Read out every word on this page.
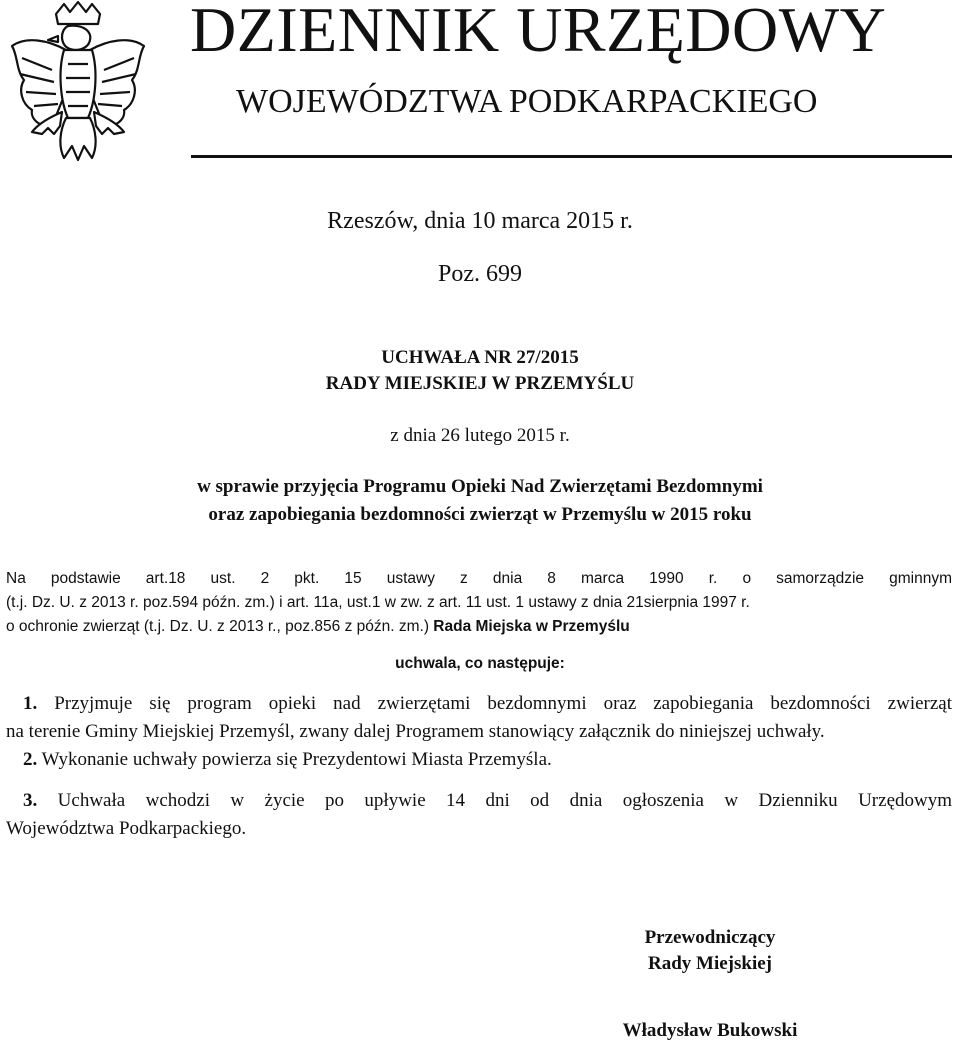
DZIENNIK URZĘDOWY
WOJEWÓDZTWA PODKARPACKIEGO
Rzeszów, dnia 10 marca 2015 r.
Poz. 699
UCHWAŁA NR 27/2015
RADY MIEJSKIEJ W PRZEMYŚLU
z dnia 26 lutego 2015 r.
w sprawie przyjęcia Programu Opieki Nad Zwierzętami Bezdomnymi
oraz zapobiegania bezdomności zwierząt w Przemyślu w 2015 roku
Na podstawie art.18 ust. 2 pkt. 15 ustawy z dnia 8 marca 1990 r. o samorządzie gminnym
(t.j. Dz. U. z 2013 r. poz.594 późn. zm.) i art. 11a, ust.1 w zw. z art. 11 ust. 1 ustawy z dnia 21sierpnia 1997 r.
o ochronie zwierząt (t.j. Dz. U. z 2013 r., poz.856 z późn. zm.) Rada Miejska w Przemyślu
uchwala, co następuje:
1. Przyjmuje się program opieki nad zwierzętami bezdomnymi oraz zapobiegania bezdomności zwierząt
na terenie Gminy Miejskiej Przemyśl, zwany dalej Programem stanowiący załącznik do niniejszej uchwały.
2. Wykonanie uchwały powierza się Prezydentowi Miasta Przemyśla.
3. Uchwała wchodzi w życie po upływie 14 dni od dnia ogłoszenia w Dzienniku Urzędowym
Województwa Podkarpackiego.
Przewodniczący
Rady Miejskiej
Władysław Bukowski
